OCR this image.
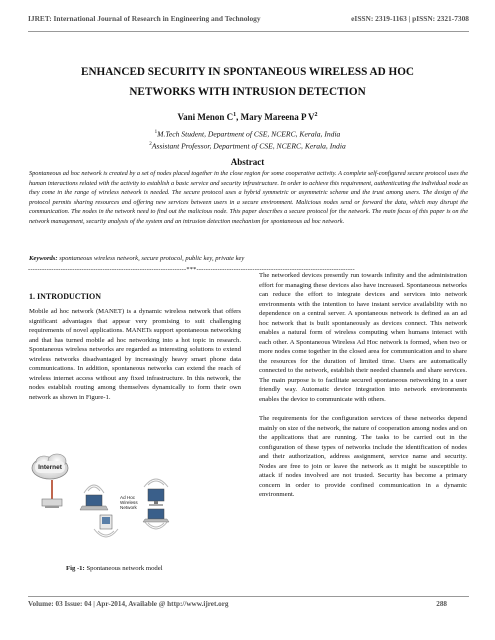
IJRET: International Journal of Research in Engineering and Technology	eISSN: 2319-1163 | pISSN: 2321-7308
ENHANCED SECURITY IN SPONTANEOUS WIRELESS AD HOC
NETWORKS WITH INTRUSION DETECTION
Vani Menon $C^1$, Mary Mareena P $V^2$
$^1$M.Tech Student, Department of CSE, NCERC, Kerala, India
$^2$Assistant Professor, Department of CSE, NCERC, Kerala, India
Abstract
Spontaneous ad hoc network is created by a set of nodes placed together in the close region for some cooperative activity. A complete self-configured secure protocol uses the human interactions related with the activity to establish a basic service and security infrastructure. In order to achieve this requirement, authenticating the individual node as they come in the range of wireless network is needed. The secure protocol uses a hybrid symmetric or asymmetric scheme and the trust among users. The design of the protocol permits sharing resources and offering new services between users in a secure environment. Malicious nodes send or forward the data, which may disrupt the communication. The nodes in the network need to find out the malicious node. This paper describes a secure protocol for the network. The main focus of this paper is on the network management, security analysis of the system and an intrusion detection mechanism for spontaneous ad hoc network.
Keywords: spontaneous wireless network, secure protocol, public key, private key
--------------------------------------------------------------------***--------------------------------------------------------------------
1. INTRODUCTION

Mobile ad hoc network (MANET) is a dynamic wireless network that offers significant advantages that appear very promising to suit challenging requirements of novel applications. MANETs support spontaneous networking and that has turned mobile ad hoc networking into a hot topic in research. Spontaneous wireless networks are regarded as interesting solutions to extend wireless networks disadvantaged by increasingly heavy smart phone data communications. In addition, spontaneous networks can extend the reach of wireless internet access without any fixed infrastructure. In this network, the nodes establish routing among themselves dynamically to form their own network as shown in Figure-1.

The networked devices presently run towards infinity and the administration effort for managing these devices also have increased. Spontaneous networks can reduce the effort to integrate devices and services into network environments with the intention to have instant service availability with no dependence on a central server. A spontaneous network is defined as an ad hoc network that is built spontaneously as devices connect. This network enables a natural form of wireless computing when humans interact with each other. A Spontaneous Wireless Ad Hoc network is formed, when two or more nodes come together in the closed area for communication and to share the resources for the duration of limited time. Users are automatically connected to the network, establish their needed channels and share services. The main purpose is to facilitate secured spontaneous networking in a user friendly way. Automatic device integration into network environments enables the device to communicate with others.

The requirements for the configuration services of these networks depend mainly on size of the network, the nature of cooperation among nodes and on the applications that are running. The tasks to be carried out in the configuration of these types of networks include the identification of nodes and their authorization, address assignment, service name and security. Nodes are free to join or leave the network as it might be susceptible to attack if nodes involved are not trusted. Security has become a primary concern in order to provide confined communication in a dynamic environment.

Internet
Ad Hoc
Wireless
Network
Fig -1: Spontaneous network model
Volume: 03 Issue: 04 | Apr-2014, Available @ http://www.ijret.org	288
